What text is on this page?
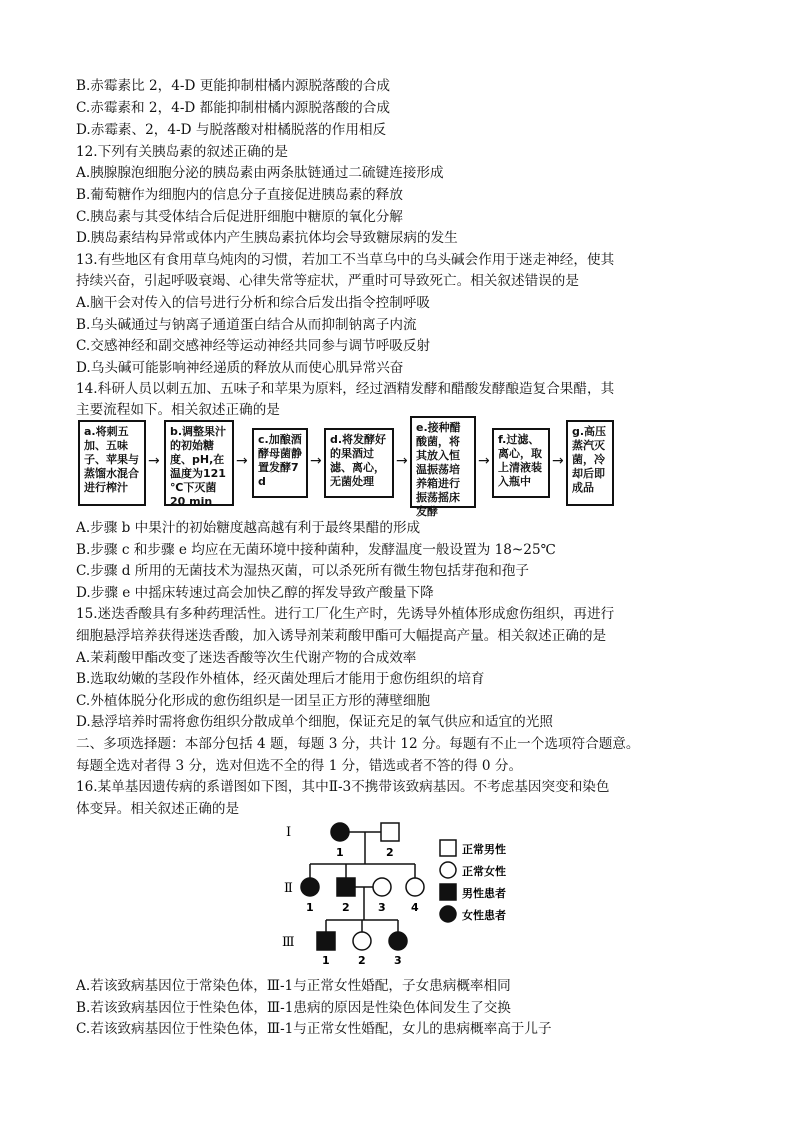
B.赤霉素比 2，4-D 更能抑制柑橘内源脱落酸的合成
C.赤霉素和 2，4-D 都能抑制柑橘内源脱落酸的合成
D.赤霉素、2，4-D 与脱落酸对柑橘脱落的作用相反
12.下列有关胰岛素的叙述正确的是
A.胰腺腺泡细胞分泌的胰岛素由两条肽链通过二硫键连接形成
B.葡萄糖作为细胞内的信息分子直接促进胰岛素的释放
C.胰岛素与其受体结合后促进肝细胞中糖原的氧化分解
D.胰岛素结构异常或体内产生胰岛素抗体均会导致糖尿病的发生
13.有些地区有食用草乌炖肉的习惯，若加工不当草乌中的乌头碱会作用于迷走神经，使其
持续兴奋，引起呼吸衰竭、心律失常等症状，严重时可导致死亡。相关叙述错误的是
A.脑干会对传入的信号进行分析和综合后发出指令控制呼吸
B.乌头碱通过与钠离子通道蛋白结合从而抑制钠离子内流
C.交感神经和副交感神经等运动神经共同参与调节呼吸反射
D.乌头碱可能影响神经递质的释放从而使心肌异常兴奋
14.科研人员以刺五加、五味子和苹果为原料，经过酒精发酵和醋酸发酵酿造复合果醋，其
主要流程如下。相关叙述正确的是
a.将刺五加、五味子、苹果与蒸馏水混合进行榨汁
→
b.调整果汁的初始糖度、pH,在温度为121 ℃下灭菌20 min
→
c.加酿酒酵母菌静置发酵7 d
→
d.将发酵好的果酒过滤、离心，无菌处理
→
e.接种醋酸菌，将其放入恒温振荡培养箱进行振荡摇床发酵
→
f.过滤、离心，取上清液装入瓶中
→
g.高压蒸汽灭菌，冷却后即成品
A.步骤 b 中果汁的初始糖度越高越有利于最终果醋的形成
B.步骤 c 和步骤 e 均应在无菌环境中接种菌种，发酵温度一般设置为 18~25℃
C.步骤 d 所用的无菌技术为湿热灭菌，可以杀死所有微生物包括芽孢和孢子
D.步骤 e 中摇床转速过高会加快乙醇的挥发导致产酸量下降
15.迷迭香酸具有多种药理活性。进行工厂化生产时，先诱导外植体形成愈伤组织，再进行
细胞悬浮培养获得迷迭香酸，加入诱导剂茉莉酸甲酯可大幅提高产量。相关叙述正确的是
A.茉莉酸甲酯改变了迷迭香酸等次生代谢产物的合成效率
B.选取幼嫩的茎段作外植体，经灭菌处理后才能用于愈伤组织的培育
C.外植体脱分化形成的愈伤组织是一团呈正方形的薄壁细胞
D.悬浮培养时需将愈伤组织分散成单个细胞，保证充足的氧气供应和适宜的光照
二、多项选择题：本部分包括 4 题，每题 3 分，共计 12 分。每题有不止一个选项符合题意。
每题全选对者得 3 分，选对但选不全的得 1 分，错选或者不答的得 0 分。
16.某单基因遗传病的系谱图如下图，其中Ⅱ-3不携带该致病基因。不考虑基因突变和染色
体变异。相关叙述正确的是
Ⅰ
Ⅱ
Ⅲ
1	2
1	2	3 4
1	2	3
正常男性
正常女性
男性患者
女性患者
A.若该致病基因位于常染色体，Ⅲ-1与正常女性婚配，子女患病概率相同
B.若该致病基因位于性染色体，Ⅲ-1患病的原因是性染色体间发生了交换
C.若该致病基因位于性染色体，Ⅲ-1与正常女性婚配，女儿的患病概率高于儿子
